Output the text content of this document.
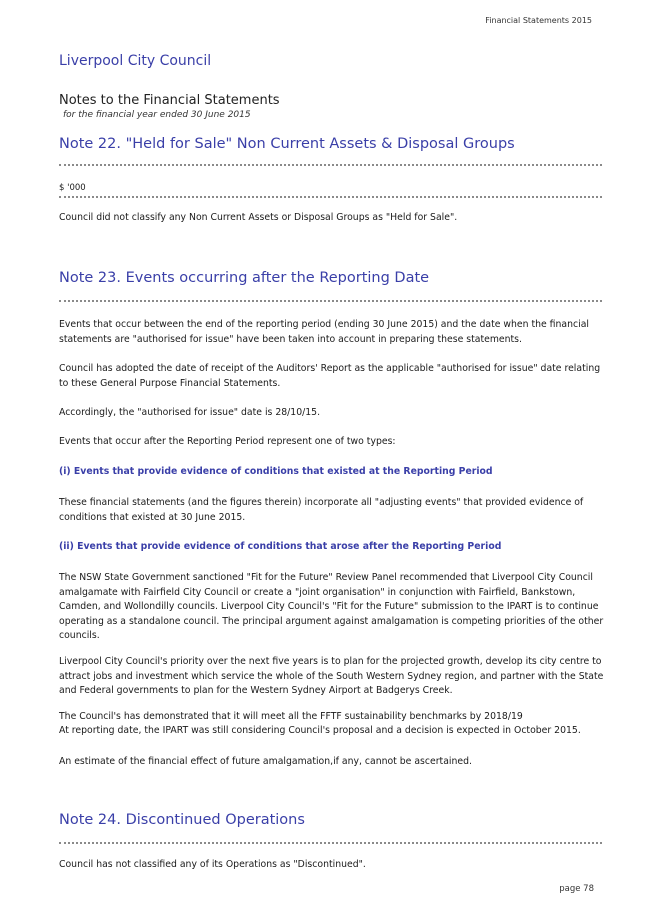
Financial Statements 2015
Liverpool City Council
Notes to the Financial Statements
for the financial year ended 30 June 2015
Note 22. "Held for Sale" Non Current Assets & Disposal Groups
$ '000
Council did not classify any Non Current Assets or Disposal Groups as "Held for Sale".
Note 23. Events occurring after the Reporting Date
Events that occur between the end of the reporting period (ending 30 June 2015) and the date when the financial statements are "authorised for issue" have been taken into account in preparing these statements.
Council has adopted the date of receipt of the Auditors' Report as the applicable "authorised for issue" date relating to these General Purpose Financial Statements.
Accordingly, the "authorised for issue" date is 28/10/15.
Events that occur after the Reporting Period represent one of two types:
(i) Events that provide evidence of conditions that existed at the Reporting Period
These financial statements (and the figures therein) incorporate all "adjusting events" that provided evidence of conditions that existed at 30 June 2015.
(ii) Events that provide evidence of conditions that arose after the Reporting Period
The NSW State Government sanctioned "Fit for the Future" Review Panel recommended that Liverpool City Council amalgamate with Fairfield City Council or create a "joint organisation" in conjunction with Fairfield, Bankstown, Camden, and Wollondilly councils. Liverpool City Council's "Fit for the Future" submission to the IPART is to continue operating as a standalone council. The principal argument against amalgamation is competing priorities of the other councils.
Liverpool City Council's priority over the next five years is to plan for the projected growth, develop its city centre to attract jobs and investment which service the whole of the South Western Sydney region, and partner with the State and Federal governments to plan for the Western Sydney Airport at Badgerys Creek.
The Council's has demonstrated that it will meet all the FFTF sustainability benchmarks by 2018/19
At reporting date, the IPART was still considering Council's proposal and a decision is expected in October 2015.
An estimate of the financial effect of future amalgamation,if any, cannot be ascertained.
Note 24. Discontinued Operations
Council has not classified any of its Operations as "Discontinued".
page 78
